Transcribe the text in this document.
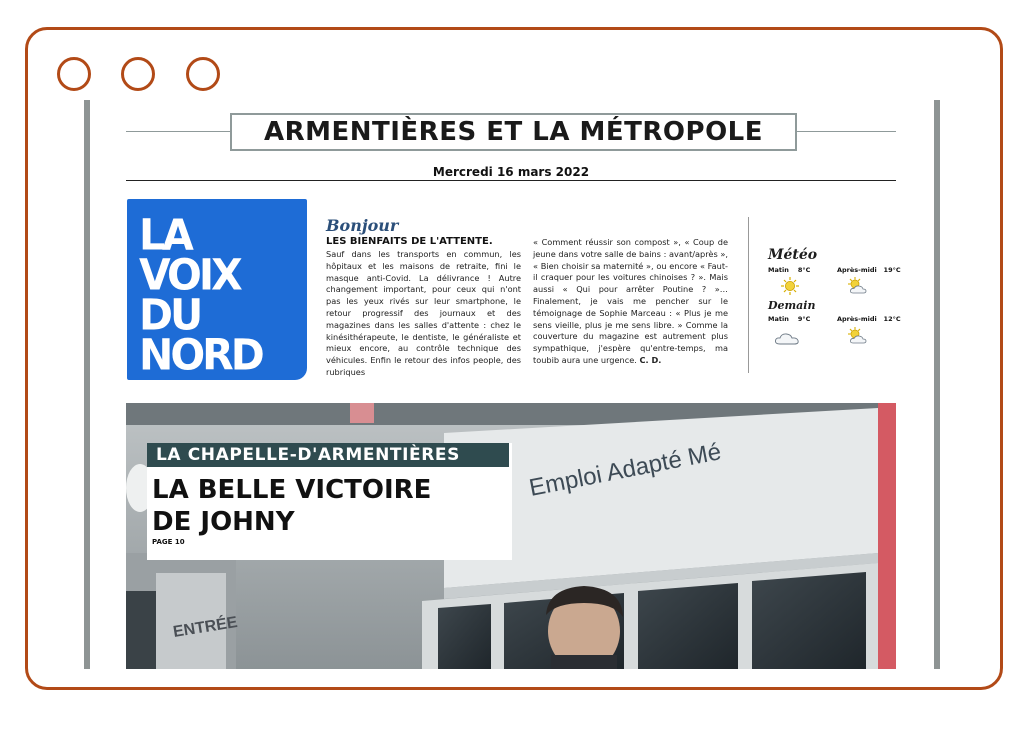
ARMENTIÈRES ET LA MÉTROPOLE
Mercredi 16 mars 2022
LA
VOIX
DU
NORD
Bonjour
LES BIENFAITS DE L'ATTENTE.
Sauf dans les transports en commun, les hôpitaux et les maisons de retraite, fini le masque anti-Covid. La délivrance ! Autre changement important, pour ceux qui n'ont pas les yeux rivés sur leur smartphone, le retour progressif des journaux et des magazines dans les salles d'attente : chez le kinésithérapeute, le dentiste, le généraliste et mieux encore, au contrôle technique des véhicules. Enfin le retour des infos people, des rubriques
« Comment réussir son compost », « Coup de jeune dans votre salle de bains : avant/après », « Bien choisir sa maternité », ou encore « Faut-il craquer pour les voitures chinoises ? ». Mais aussi « Qui pour arrêter Poutine ? »… Finalement, je vais me pencher sur le témoignage de Sophie Marceau : « Plus je me sens vieille, plus je me sens libre. » Comme la couverture du magazine est autrement plus sympathique, j'espère qu'entre-temps, ma toubib aura une urgence. C. D.
Météo
Matin 8°C	Après-midi 19°C
Demain
Matin 9°C	Après-midi 12°C
Emploi Adapté Mé
ENTRÉE
LA CHAPELLE-D'ARMENTIÈRES
LA BELLE VICTOIRE
DE JOHNY
PAGE 10
